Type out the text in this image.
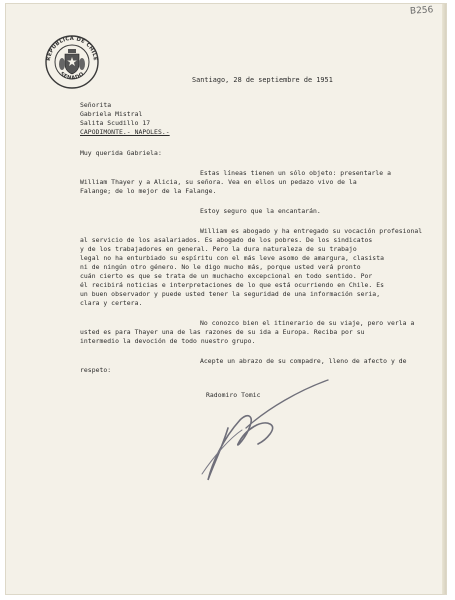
B256
REPUBLICA DE CHILE
SENADO
Santiago, 28 de septiembre de 1951
Señorita
Gabriela Mistral
Salita Scudillo 17
CAPODIMONTE.- NAPOLES.-
Muy querida Gabriela:
Estas líneas tienen un sólo objeto: presentarle a
William Thayer y a Alicia, su señora. Vea en ellos un pedazo vivo de la
Falange; de lo mejor de la Falange.
Estoy seguro que la encantarán.
William es abogado y ha entregado su vocación profesional
al servicio de los asalariados. Es abogado de los pobres. De los sindicatos
y de los trabajadores en general. Pero la dura naturaleza de su trabajo
legal no ha enturbiado su espíritu con el más leve asomo de amargura, clasista
ni de ningún otro género. No le digo mucho más, porque usted verá pronto
cuán cierto es que se trata de un muchacho excepcional en todo sentido. Por
él recibirá noticias e interpretaciones de lo que está ocurriendo en Chile. Es
un buen observador y puede usted tener la seguridad de una información seria,
clara y certera.
No conozco bien el itinerario de su viaje, pero verla a
usted es para Thayer una de las razones de su ida a Europa. Reciba por su
intermedio la devoción de todo nuestro grupo.
Acepte un abrazo de su compadre, lleno de afecto y de
respeto:
Radomiro Tomic
